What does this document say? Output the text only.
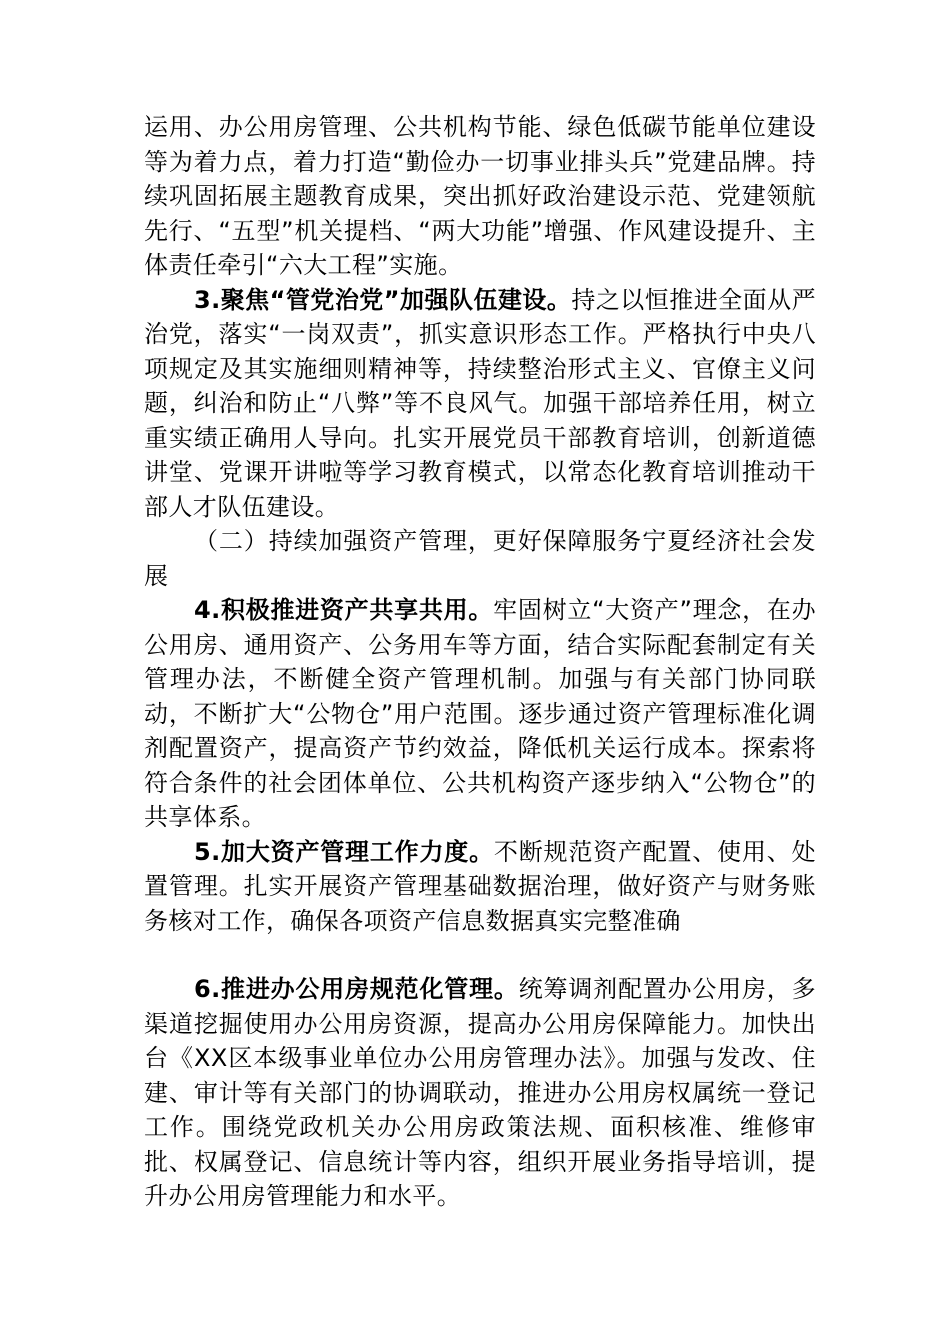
运用、办公用房管理、公共机构节能、绿色低碳节能单位建设等为着力点，着力打造“勤俭办一切事业排头兵”党建品牌。持续巩固拓展主题教育成果，突出抓好政治建设示范、党建领航先行、“五型”机关提档、“两大功能”增强、作风建设提升、主体责任牵引“六大工程”实施。

3.聚焦“管党治党”加强队伍建设。持之以恒推进全面从严治党，落实“一岗双责”，抓实意识形态工作。严格执行中央八项规定及其实施细则精神等，持续整治形式主义、官僚主义问题，纠治和防止“八弊”等不良风气。加强干部培养任用，树立重实绩正确用人导向。扎实开展党员干部教育培训，创新道德讲堂、党课开讲啦等学习教育模式，以常态化教育培训推动干部人才队伍建设。

（二）持续加强资产管理，更好保障服务宁夏经济社会发展

4.积极推进资产共享共用。牢固树立“大资产”理念，在办公用房、通用资产、公务用车等方面，结合实际配套制定有关管理办法，不断健全资产管理机制。加强与有关部门协同联动，不断扩大“公物仓”用户范围。逐步通过资产管理标准化调剂配置资产，提高资产节约效益，降低机关运行成本。探索将符合条件的社会团体单位、公共机构资产逐步纳入“公物仓”的共享体系。

5.加大资产管理工作力度。不断规范资产配置、使用、处置管理。扎实开展资产管理基础数据治理，做好资产与财务账务核对工作，确保各项资产信息数据真实完整准确

6.推进办公用房规范化管理。统筹调剂配置办公用房，多渠道挖掘使用办公用房资源，提高办公用房保障能力。加快出台《XX区本级事业单位办公用房管理办法》。加强与发改、住建、审计等有关部门的协调联动，推进办公用房权属统一登记工作。围绕党政机关办公用房政策法规、面积核准、维修审批、权属登记、信息统计等内容，组织开展业务指导培训，提升办公用房管理能力和水平。
